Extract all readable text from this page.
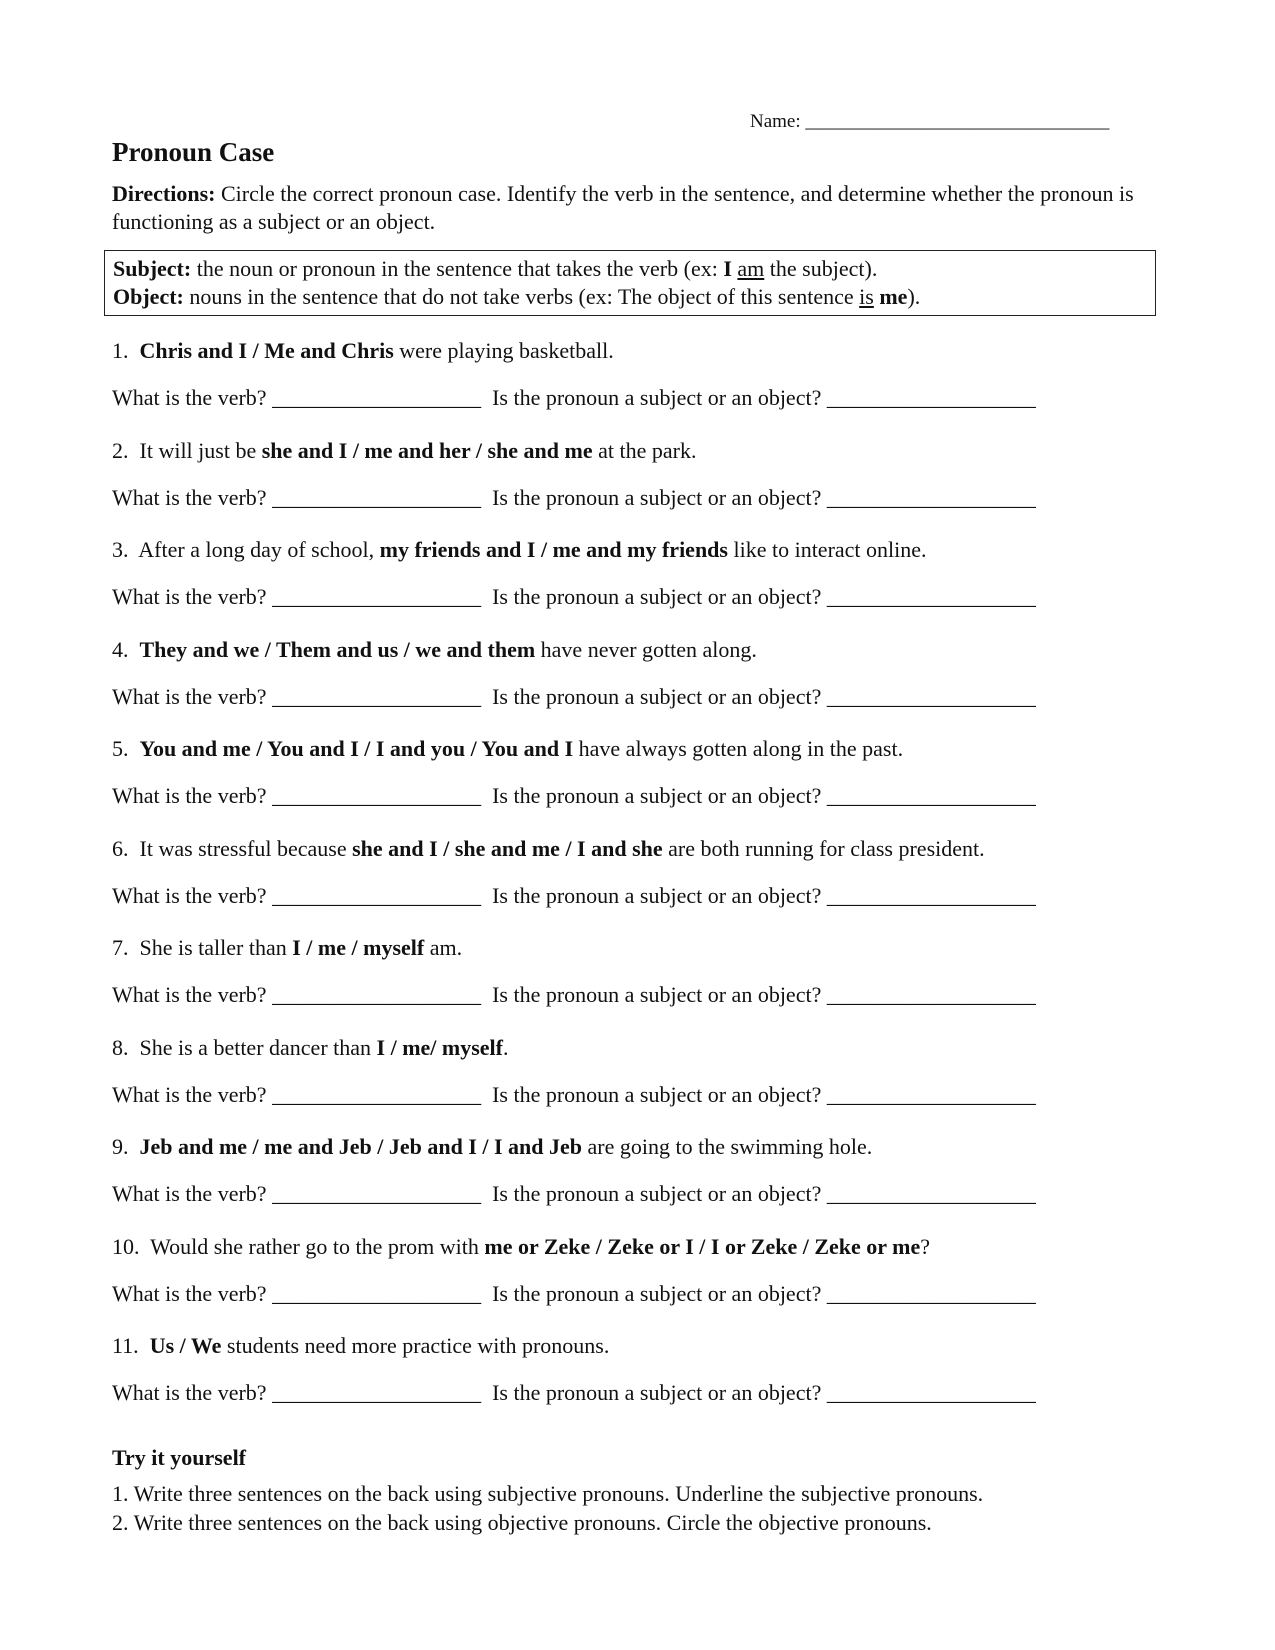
Name: ________________________________
Pronoun Case
Directions: Circle the correct pronoun case. Identify the verb in the sentence, and determine whether the pronoun is functioning as a subject or an object.
Subject: the noun or pronoun in the sentence that takes the verb (ex: I am the subject).
Object: nouns in the sentence that do not take verbs (ex: The object of this sentence is me).
1.  Chris and I / Me and Chris were playing basketball.
What is the verb? ___________________  Is the pronoun a subject or an object? ___________________
2.  It will just be she and I / me and her / she and me at the park.
What is the verb? ___________________  Is the pronoun a subject or an object? ___________________
3.  After a long day of school, my friends and I / me and my friends like to interact online.
What is the verb? ___________________  Is the pronoun a subject or an object? ___________________
4.  They and we / Them and us / we and them have never gotten along.
What is the verb? ___________________  Is the pronoun a subject or an object? ___________________
5.  You and me / You and I / I and you / You and I have always gotten along in the past.
What is the verb? ___________________  Is the pronoun a subject or an object? ___________________
6.  It was stressful because she and I / she and me / I and she are both running for class president.
What is the verb? ___________________  Is the pronoun a subject or an object? ___________________
7.  She is taller than I / me / myself am.
What is the verb? ___________________  Is the pronoun a subject or an object? ___________________
8.  She is a better dancer than I / me/ myself.
What is the verb? ___________________  Is the pronoun a subject or an object? ___________________
9.  Jeb and me / me and Jeb / Jeb and I / I and Jeb are going to the swimming hole.
What is the verb? ___________________  Is the pronoun a subject or an object? ___________________
10.  Would she rather go to the prom with me or Zeke / Zeke or I / I or Zeke / Zeke or me?
What is the verb? ___________________  Is the pronoun a subject or an object? ___________________
11.  Us / We students need more practice with pronouns.
What is the verb? ___________________  Is the pronoun a subject or an object? ___________________
Try it yourself
1. Write three sentences on the back using subjective pronouns. Underline the subjective pronouns.
2. Write three sentences on the back using objective pronouns. Circle the objective pronouns.
